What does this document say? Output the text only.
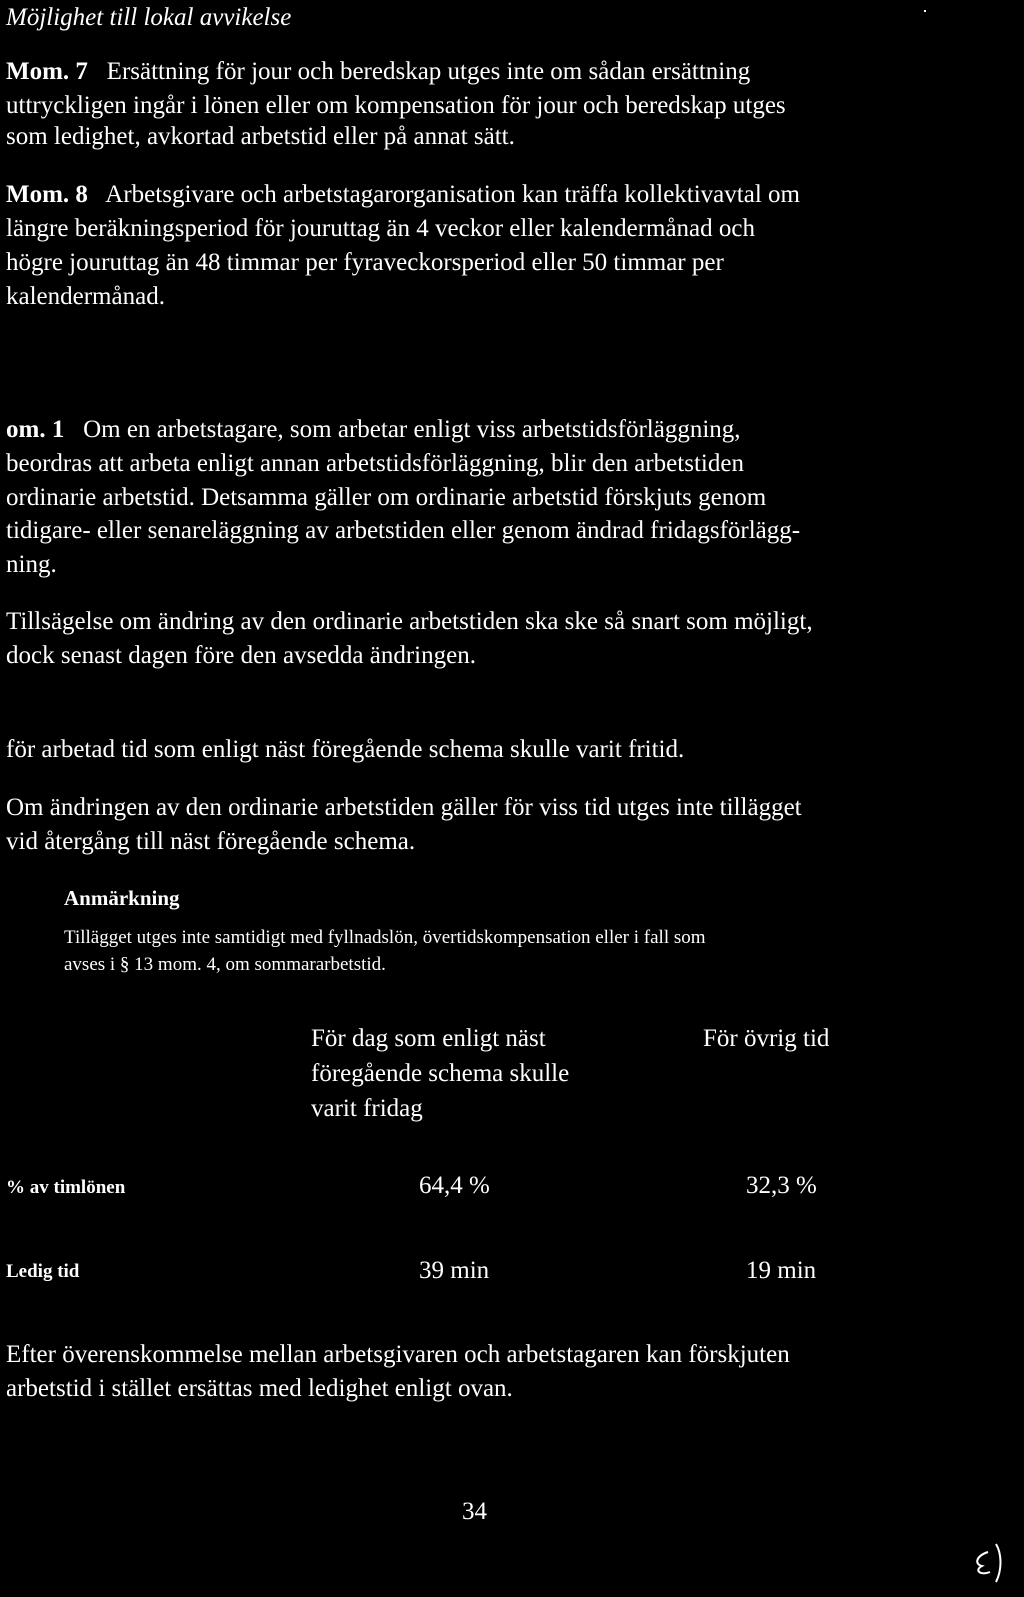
Möjlighet till lokal avvikelse
Mom. 7 Ersättning för jour och beredskap utges inte om sådan ersättning
uttryckligen ingår i lönen eller om kompensation för jour och beredskap utges
som ledighet, avkortad arbetstid eller på annat sätt.
Mom. 8 Arbetsgivare och arbetstagarorganisation kan träffa kollektivavtal om
längre beräkningsperiod för jouruttag än 4 veckor eller kalendermånad och
högre jouruttag än 48 timmar per fyraveckorsperiod eller 50 timmar per
kalendermånad.
om. 1 Om en arbetstagare, som arbetar enligt viss arbetstidsförläggning,
beordras att arbeta enligt annan arbetstidsförläggning, blir den arbetstiden
ordinarie arbetstid. Detsamma gäller om ordinarie arbetstid förskjuts genom
tidigare- eller senareläggning av arbetstiden eller genom ändrad fridagsförlägg-
ning.
Tillsägelse om ändring av den ordinarie arbetstiden ska ske så snart som möjligt,
dock senast dagen före den avsedda ändringen.
för arbetad tid som enligt näst föregående schema skulle varit fritid.
Om ändringen av den ordinarie arbetstiden gäller för viss tid utges inte tillägget
vid återgång till näst föregående schema.
Anmärkning
Tillägget utges inte samtidigt med fyllnadslön, övertidskompensation eller i fall som
avses i § 13 mom. 4, om sommararbetstid.
För dag som enligt näst
föregående schema skulle
varit fridag
För övrig tid
% av timlönen	64,4 %	32,3 %
Ledig tid	39 min	19 min
Efter överenskommelse mellan arbetsgivaren och arbetstagaren kan förskjuten
arbetstid i stället ersättas med ledighet enligt ovan.
34
